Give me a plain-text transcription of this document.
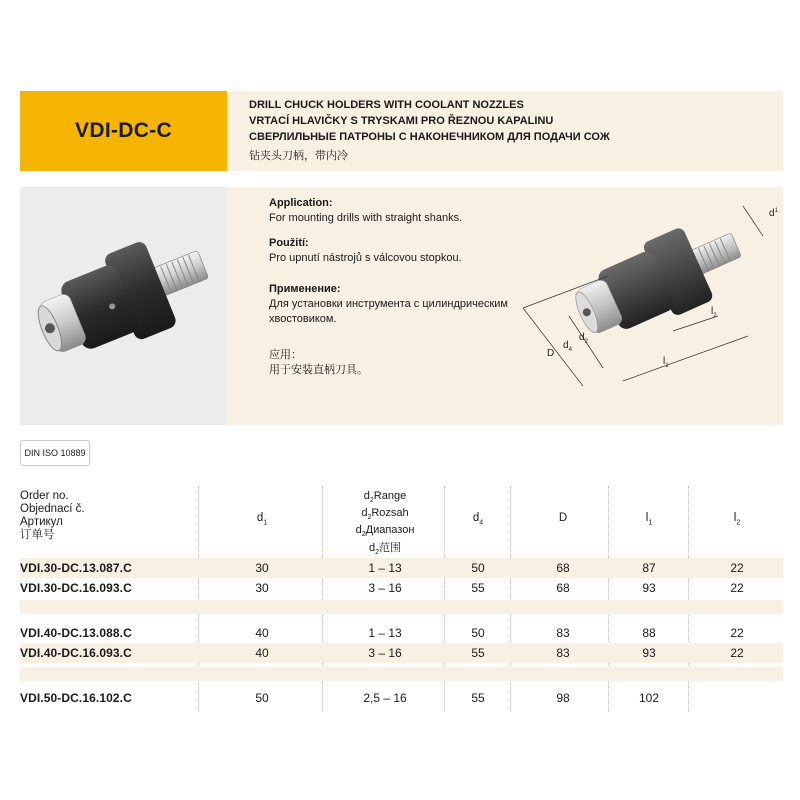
VDI-DC-C
DRILL CHUCK HOLDERS WITH COOLANT NOZZLES
VRTACÍ HLAVIČKY S TRYSKAMI PRO ŘEZNOU KAPALINU
СВЕРЛИЛЬНЫЕ ПАТРОНЫ С НАКОНЕЧНИКОМ ДЛЯ ПОДАЧИ СОЖ
钻夹头刀柄，带内冷
Application:
For mounting drills with straight shanks.
Použití:
Pro upnutí nástrojů s válcovou stopkou.
Применение:
Для установки инструмента с цилиндрическим
хвостовиком.
应用：
用于安装直柄刀具。
$d^1$
D
$d_4$
$d_2$
$l_1$
$l_2$
DIN ISO 10889
Order no.
Objednací č.
Артикул
订单号
$d_1$
$d_2Range$
$d_2Rozsah$
$d_2Диапазон$
$d_2$范围
$d_4$	D	$l_1$	$l_2$
VDI.30-DC.13.087.C	30	1 – 13	50	68	87	22
VDI.30-DC.16.093.C	30	3 – 16	55	68	93	22
VDI.40-DC.13.088.C	40	1 – 13	50	83	88	22
VDI.40-DC.16.093.C	40	3 – 16	55	83	93	22
VDI.50-DC.16.102.C	50	2,5 – 16	55	98	102
